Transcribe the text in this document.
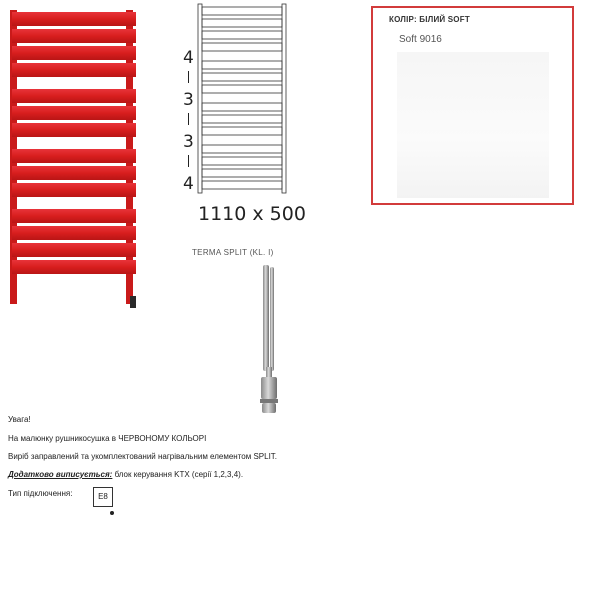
4
3
3
4
1110 x 500
КОЛІР: БІЛИЙ SOFT
Soft 9016
TERMA SPLIT (KL. I)
Увага!
На малюнку рушникосушка в ЧЕРВОНОМУ КОЛЬОРІ
Виріб заправлений та укомплектований нагрівальним елементом SPLIT.
Додатково виписується: блок керування KTX (серії 1,2,3,4).
Тип підключення:	E8
